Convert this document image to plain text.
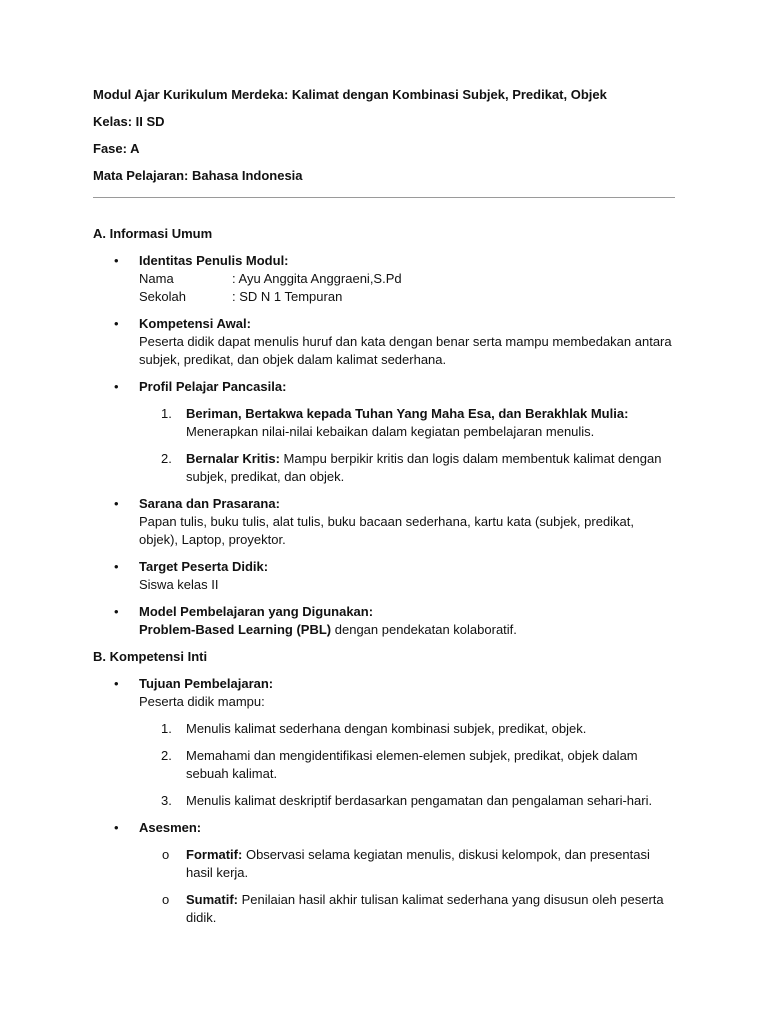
Modul Ajar Kurikulum Merdeka: Kalimat dengan Kombinasi Subjek, Predikat, Objek
Kelas: II SD
Fase: A
Mata Pelajaran: Bahasa Indonesia
A. Informasi Umum
• Identitas Penulis Modul:
Nama	: Ayu Anggita Anggraeni,S.Pd
Sekolah	: SD N 1 Tempuran
• Kompetensi Awal:
Peserta didik dapat menulis huruf dan kata dengan benar serta mampu membedakan antara subjek, predikat, dan objek dalam kalimat sederhana.
• Profil Pelajar Pancasila:
1. Beriman, Bertakwa kepada Tuhan Yang Maha Esa, dan Berakhlak Mulia:
Menerapkan nilai-nilai kebaikan dalam kegiatan pembelajaran menulis.
2. Bernalar Kritis: Mampu berpikir kritis dan logis dalam membentuk kalimat dengan subjek, predikat, dan objek.
• Sarana dan Prasarana:
Papan tulis, buku tulis, alat tulis, buku bacaan sederhana, kartu kata (subjek, predikat, objek), Laptop, proyektor.
• Target Peserta Didik:
Siswa kelas II
• Model Pembelajaran yang Digunakan:
Problem-Based Learning (PBL) dengan pendekatan kolaboratif.
B. Kompetensi Inti
• Tujuan Pembelajaran:
Peserta didik mampu:
1. Menulis kalimat sederhana dengan kombinasi subjek, predikat, objek.
2. Memahami dan mengidentifikasi elemen-elemen subjek, predikat, objek dalam sebuah kalimat.
3. Menulis kalimat deskriptif berdasarkan pengamatan dan pengalaman sehari-hari.
• Asesmen:
o Formatif: Observasi selama kegiatan menulis, diskusi kelompok, dan presentasi hasil kerja.
o Sumatif: Penilaian hasil akhir tulisan kalimat sederhana yang disusun oleh peserta didik.
